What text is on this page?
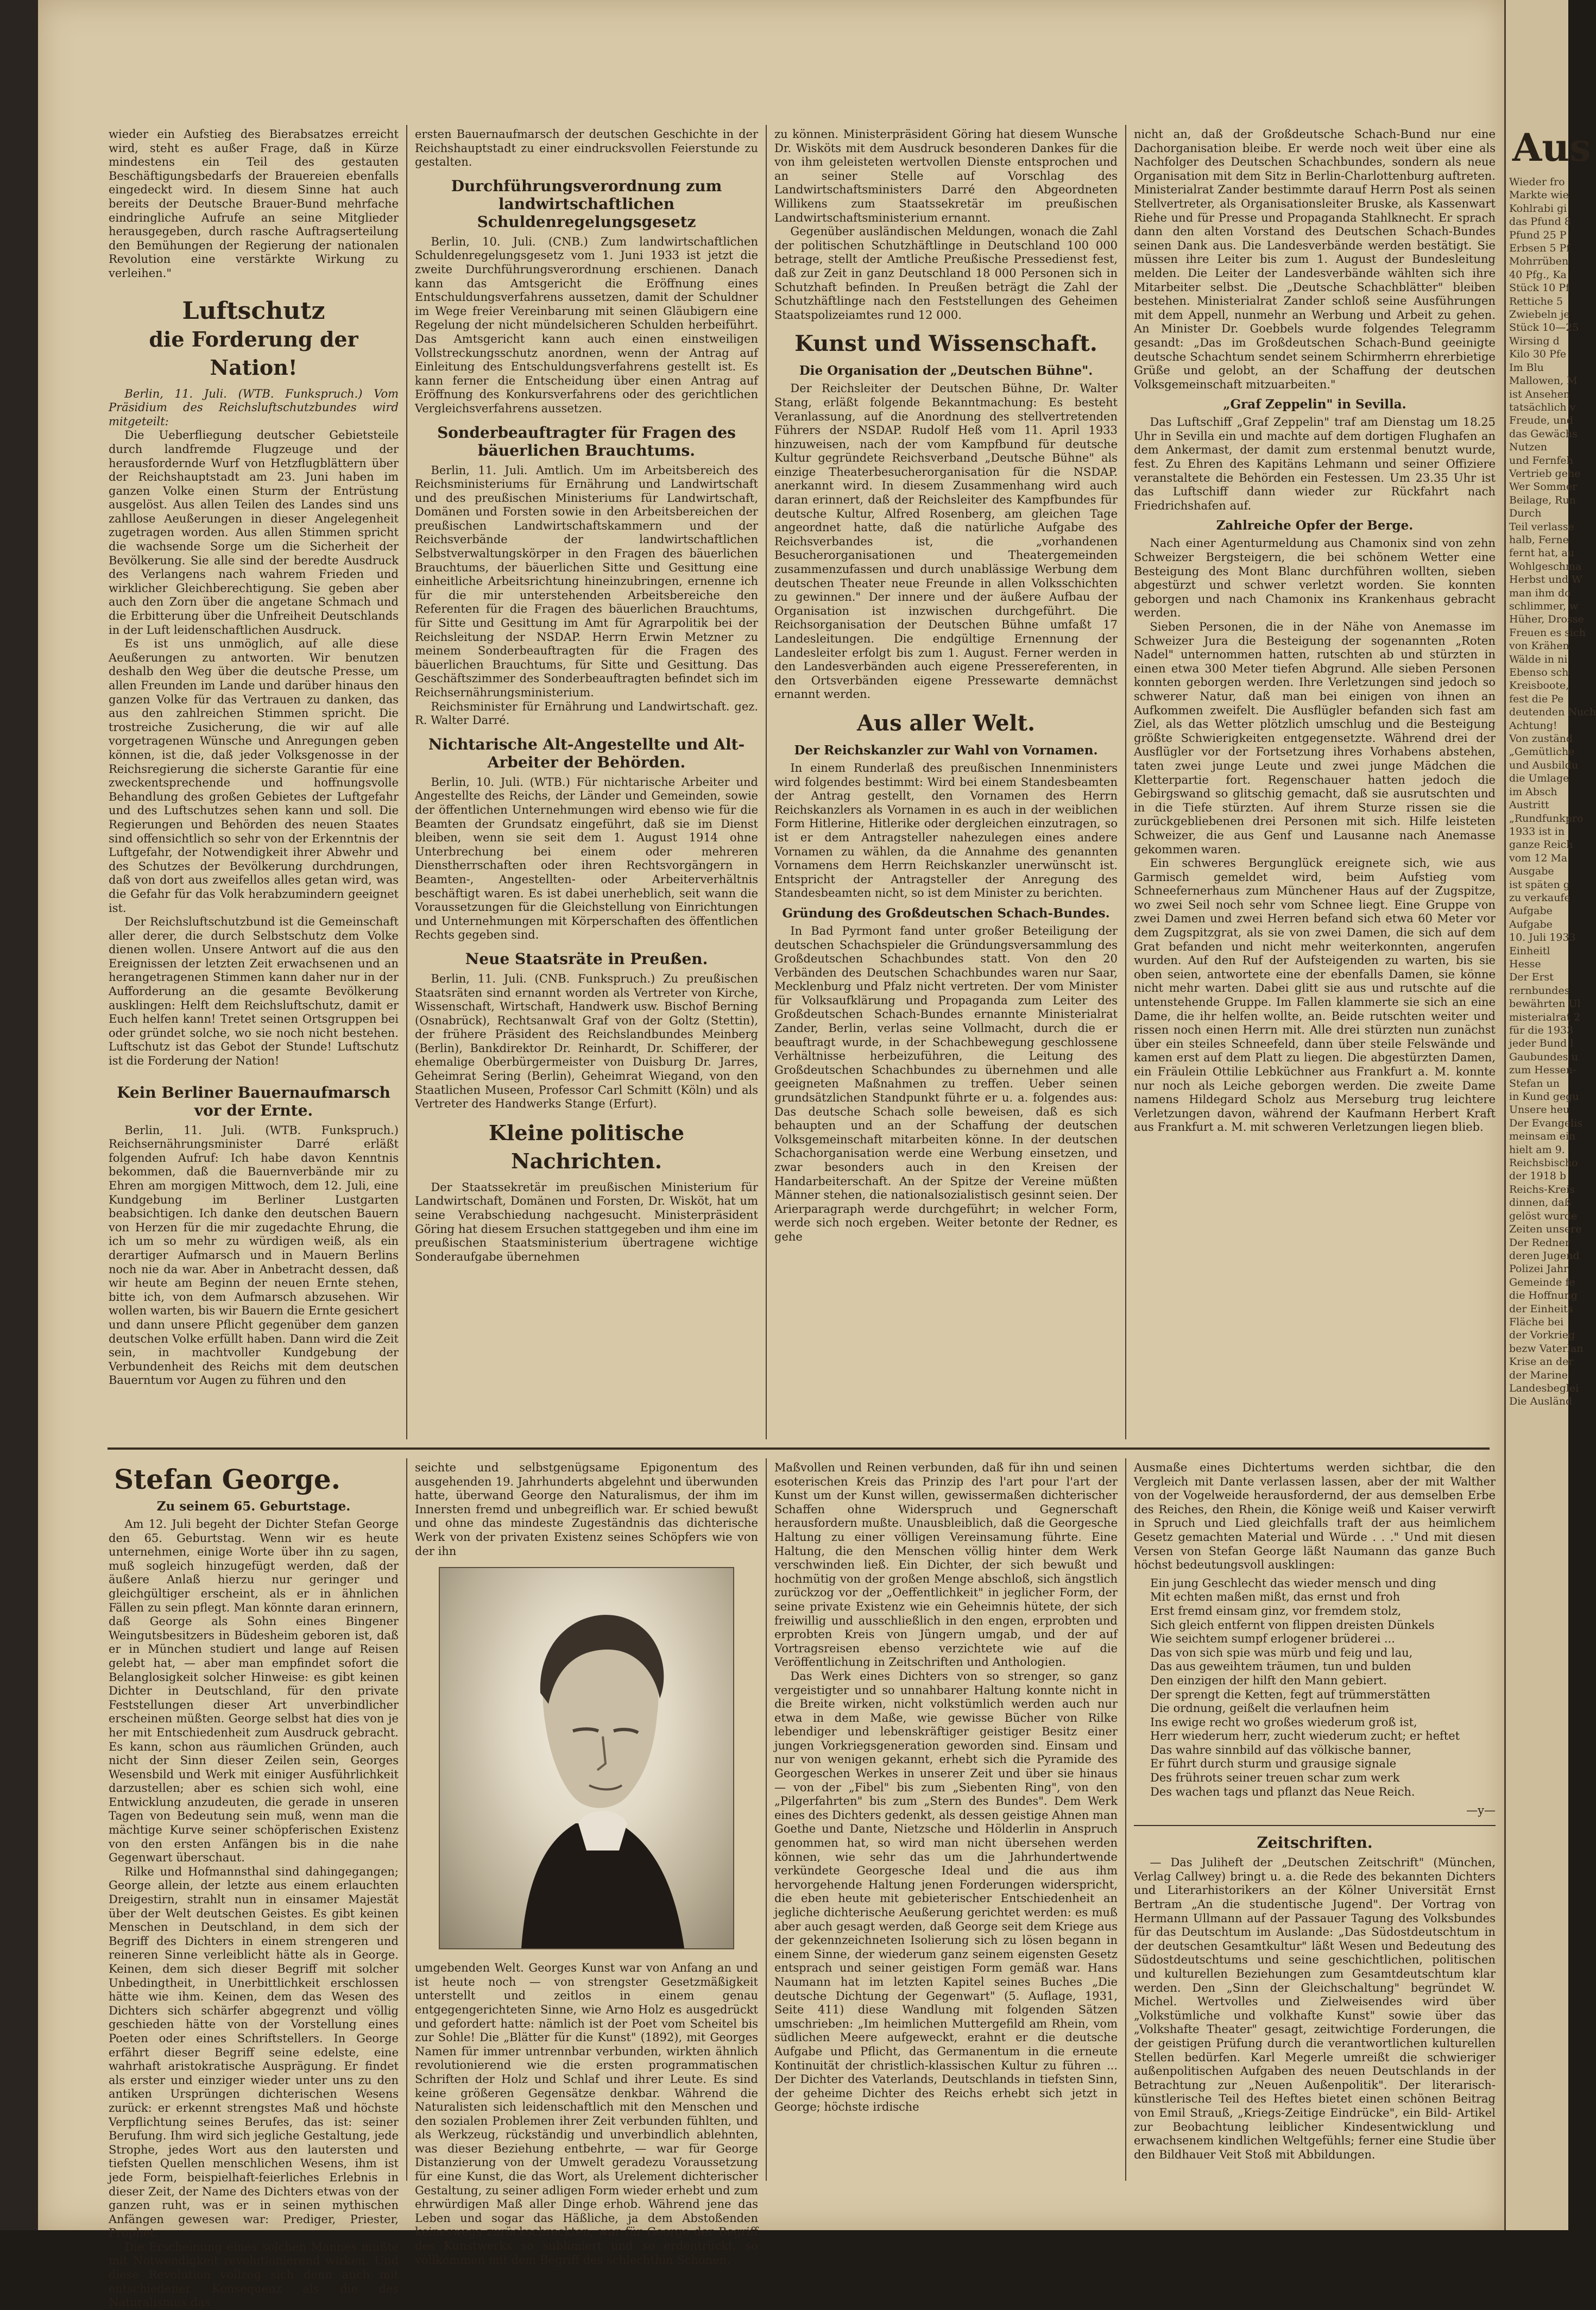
wieder ein Aufstieg des Bierabsatzes erreicht wird, steht es außer Frage, daß in Kürze mindestens ein Teil des gestauten Beschäftigungsbedarfs der Brauereien ebenfalls eingedeckt wird. In diesem Sinne hat auch bereits der Deutsche Brauer-Bund mehrfache eindringliche Aufrufe an seine Mitglieder herausgegeben, durch rasche Auftragserteilung den Bemühungen der Regierung der nationalen Revolution eine verstärkte Wirkung zu verleihen."

Luftschutz
die Forderung der Nation!

Berlin, 11. Juli. (WTB. Funkspruch.) Vom Präsidium des Reichsluftschutzbundes wird mitgeteilt:

Die Ueberfliegung deutscher Gebietsteile durch landfremde Flugzeuge und der herausfordernde Wurf von Hetzflugblättern über der Reichshauptstadt am 23. Juni haben im ganzen Volke einen Sturm der Entrüstung ausgelöst. Aus allen Teilen des Landes sind uns zahllose Aeußerungen in dieser Angelegenheit zugetragen worden. Aus allen Stimmen spricht die wachsende Sorge um die Sicherheit der Bevölkerung. Sie alle sind der beredte Ausdruck des Verlangens nach wahrem Frieden und wirklicher Gleichberechtigung. Sie geben aber auch den Zorn über die angetane Schmach und die Erbitterung über die Unfreiheit Deutschlands in der Luft leidenschaftlichen Ausdruck.

Es ist uns unmöglich, auf alle diese Aeußerungen zu antworten. Wir benutzen deshalb den Weg über die deutsche Presse, um allen Freunden im Lande und darüber hinaus den ganzen Volke für das Vertrauen zu danken, das aus den zahlreichen Stimmen spricht. Die trostreiche Zusicherung, die wir auf alle vorgetragenen Wünsche und Anregungen geben können, ist die, daß jeder Volksgenosse in der Reichsregierung die sicherste Garantie für eine zweckentsprechende und hoffnungsvolle Behandlung des großen Gebietes der Luftgefahr und des Luftschutzes sehen kann und soll. Die Regierungen und Behörden des neuen Staates sind offensichtlich so sehr von der Erkenntnis der Luftgefahr, der Notwendigkeit ihrer Abwehr und des Schutzes der Bevölkerung durchdrungen, daß von dort aus zweifellos alles getan wird, was die Gefahr für das Volk herabzumindern geeignet ist.

Der Reichsluftschutzbund ist die Gemeinschaft aller derer, die durch Selbstschutz dem Volke dienen wollen. Unsere Antwort auf die aus den Ereignissen der letzten Zeit erwachsenen und an herangetragenen Stimmen kann daher nur in der Aufforderung an die gesamte Bevölkerung ausklingen: Helft dem Reichsluftschutz, damit er Euch helfen kann! Tretet seinen Ortsgruppen bei oder gründet solche, wo sie noch nicht bestehen. Luftschutz ist das Gebot der Stunde! Luftschutz ist die Forderung der Nation!

Kein Berliner Bauernaufmarsch vor der Ernte.

Berlin, 11. Juli. (WTB. Funkspruch.) Reichsernährungsminister Darré erläßt folgenden Aufruf: Ich habe davon Kenntnis bekommen, daß die Bauernverbände mir zu Ehren am morgigen Mittwoch, dem 12. Juli, eine Kundgebung im Berliner Lustgarten beabsichtigen. Ich danke den deutschen Bauern von Herzen für die mir zugedachte Ehrung, die ich um so mehr zu würdigen weiß, als ein derartiger Aufmarsch und in Mauern Berlins noch nie da war. Aber in Anbetracht dessen, daß wir heute am Beginn der neuen Ernte stehen, bitte ich, von dem Aufmarsch abzusehen. Wir wollen warten, bis wir Bauern die Ernte gesichert und dann unsere Pflicht gegenüber dem ganzen deutschen Volke erfüllt haben. Dann wird die Zeit sein, in machtvoller Kundgebung der Verbundenheit des Reichs mit dem deutschen Bauerntum vor Augen zu führen und den

ersten Bauernaufmarsch der deutschen Geschichte in der Reichshauptstadt zu einer eindrucksvollen Feierstunde zu gestalten.

Durchführungsverordnung zum landwirtschaftlichen Schuldenregelungsgesetz

Berlin, 10. Juli. (CNB.) Zum landwirtschaftlichen Schuldenregelungsgesetz vom 1. Juni 1933 ist jetzt die zweite Durchführungsverordnung erschienen. Danach kann das Amtsgericht die Eröffnung eines Entschuldungsverfahrens aussetzen, damit der Schuldner im Wege freier Vereinbarung mit seinen Gläubigern eine Regelung der nicht mündelsicheren Schulden herbeiführt. Das Amtsgericht kann auch einen einstweiligen Vollstreckungsschutz anordnen, wenn der Antrag auf Einleitung des Entschuldungsverfahrens gestellt ist. Es kann ferner die Entscheidung über einen Antrag auf Eröffnung des Konkursverfahrens oder des gerichtlichen Vergleichsverfahrens aussetzen.

Sonderbeauftragter für Fragen des bäuerlichen Brauchtums.

Berlin, 11. Juli. Amtlich. Um im Arbeitsbereich des Reichsministeriums für Ernährung und Landwirtschaft und des preußischen Ministeriums für Landwirtschaft, Domänen und Forsten sowie in den Arbeitsbereichen der preußischen Landwirtschaftskammern und der Reichsverbände der landwirtschaftlichen Selbstverwaltungskörper in den Fragen des bäuerlichen Brauchtums, der bäuerlichen Sitte und Gesittung eine einheitliche Arbeitsrichtung hineinzubringen, ernenne ich für die mir unterstehenden Arbeitsbereiche den Referenten für die Fragen des bäuerlichen Brauchtums, für Sitte und Gesittung im Amt für Agrarpolitik bei der Reichsleitung der NSDAP. Herrn Erwin Metzner zu meinem Sonderbeauftragten für die Fragen des bäuerlichen Brauchtums, für Sitte und Gesittung. Das Geschäftszimmer des Sonderbeauftragten befindet sich im Reichsernährungsministerium.

Reichsminister für Ernährung und Landwirtschaft. gez. R. Walter Darré.

Nichtarische Alt-Angestellte und Alt-Arbeiter der Behörden.

Berlin, 10. Juli. (WTB.) Für nichtarische Arbeiter und Angestellte des Reichs, der Länder und Gemeinden, sowie der öffentlichen Unternehmungen wird ebenso wie für die Beamten der Grundsatz eingeführt, daß sie im Dienst bleiben, wenn sie seit dem 1. August 1914 ohne Unterbrechung bei einem oder mehreren Dienstherrschaften oder ihren Rechtsvorgängern in Beamten-, Angestellten- oder Arbeiterverhältnis beschäftigt waren. Es ist dabei unerheblich, seit wann die Voraussetzungen für die Gleichstellung von Einrichtungen und Unternehmungen mit Körperschaften des öffentlichen Rechts gegeben sind.

Neue Staatsräte in Preußen.

Berlin, 11. Juli. (CNB. Funkspruch.) Zu preußischen Staatsräten sind ernannt worden als Vertreter von Kirche, Wissenschaft, Wirtschaft, Handwerk usw. Bischof Berning (Osnabrück), Rechtsanwalt Graf von der Goltz (Stettin), der frühere Präsident des Reichslandbundes Meinberg (Berlin), Bankdirektor Dr. Reinhardt, Dr. Schifferer, der ehemalige Oberbürgermeister von Duisburg Dr. Jarres, Geheimrat Sering (Berlin), Geheimrat Wiegand, von den Staatlichen Museen, Professor Carl Schmitt (Köln) und als Vertreter des Handwerks Stange (Erfurt).

Kleine politische Nachrichten.

Der Staatssekretär im preußischen Ministerium für Landwirtschaft, Domänen und Forsten, Dr. Wisköt, hat um seine Verabschiedung nachgesucht. Ministerpräsident Göring hat diesem Ersuchen stattgegeben und ihm eine im preußischen Staatsministerium übertragene wichtige Sonderaufgabe übernehmen

zu können. Ministerpräsident Göring hat diesem Wunsche Dr. Wisköts mit dem Ausdruck besonderen Dankes für die von ihm geleisteten wertvollen Dienste entsprochen und an seiner Stelle auf Vorschlag des Landwirtschaftsministers Darré den Abgeordneten Willikens zum Staatssekretär im preußischen Landwirtschaftsministerium ernannt.

Gegenüber ausländischen Meldungen, wonach die Zahl der politischen Schutzhäftlinge in Deutschland 100 000 betrage, stellt der Amtliche Preußische Pressedienst fest, daß zur Zeit in ganz Deutschland 18 000 Personen sich in Schutzhaft befinden. In Preußen beträgt die Zahl der Schutzhäftlinge nach den Feststellungen des Geheimen Staatspolizeiamtes rund 12 000.

Kunst und Wissenschaft.
Die Organisation der „Deutschen Bühne".

Der Reichsleiter der Deutschen Bühne, Dr. Walter Stang, erläßt folgende Bekanntmachung: Es besteht Veranlassung, auf die Anordnung des stellvertretenden Führers der NSDAP. Rudolf Heß vom 11. April 1933 hinzuweisen, nach der vom Kampfbund für deutsche Kultur gegründete Reichsverband „Deutsche Bühne" als einzige Theaterbesucherorganisation für die NSDAP. anerkannt wird. In diesem Zusammenhang wird auch daran erinnert, daß der Reichsleiter des Kampfbundes für deutsche Kultur, Alfred Rosenberg, am gleichen Tage angeordnet hatte, daß die natürliche Aufgabe des Reichsverbandes ist, die „vorhandenen Besucherorganisationen und Theatergemeinden zusammenzufassen und durch unablässige Werbung dem deutschen Theater neue Freunde in allen Volksschichten zu gewinnen." Der innere und der äußere Aufbau der Organisation ist inzwischen durchgeführt. Die Reichsorganisation der Deutschen Bühne umfaßt 17 Landesleitungen. Die endgültige Ernennung der Landesleiter erfolgt bis zum 1. August. Ferner werden in den Landesverbänden auch eigene Pressereferenten, in den Ortsverbänden eigene Pressewarte demnächst ernannt werden.

Aus aller Welt.
Der Reichskanzler zur Wahl von Vornamen.

In einem Runderlaß des preußischen Innenministers wird folgendes bestimmt: Wird bei einem Standesbeamten der Antrag gestellt, den Vornamen des Herrn Reichskanzlers als Vornamen in es auch in der weiblichen Form Hitlerine, Hitlerike oder dergleichen einzutragen, so ist er dem Antragsteller nahezulegen eines andere Vornamen zu wählen, da die Annahme des genannten Vornamens dem Herrn Reichskanzler unerwünscht ist. Entspricht der Antragsteller der Anregung des Standesbeamten nicht, so ist dem Minister zu berichten.

Gründung des Großdeutschen Schach-Bundes.

In Bad Pyrmont fand unter großer Beteiligung der deutschen Schachspieler die Gründungsversammlung des Großdeutschen Schachbundes statt. Von den 20 Verbänden des Deutschen Schachbundes waren nur Saar, Mecklenburg und Pfalz nicht vertreten. Der vom Minister für Volksaufklärung und Propaganda zum Leiter des Großdeutschen Schach-Bundes ernannte Ministerialrat Zander, Berlin, verlas seine Vollmacht, durch die er beauftragt wurde, in der Schachbewegung geschlossene Verhältnisse herbeizuführen, die Leitung des Großdeutschen Schachbundes zu übernehmen und alle geeigneten Maßnahmen zu treffen. Ueber seinen grundsätzlichen Standpunkt führte er u. a. folgendes aus: Das deutsche Schach solle beweisen, daß es sich behaupten und an der Schaffung der deutschen Volksgemeinschaft mitarbeiten könne. In der deutschen Schachorganisation werde eine Werbung einsetzen, und zwar besonders auch in den Kreisen der Handarbeiterschaft. An der Spitze der Vereine müßten Männer stehen, die nationalsozialistisch gesinnt seien. Der Arierparagraph werde durchgeführt; in welcher Form, werde sich noch ergeben. Weiter betonte der Redner, es gehe

nicht an, daß der Großdeutsche Schach-Bund nur eine Dachorganisation bleibe. Er werde noch weit über eine als Nachfolger des Deutschen Schachbundes, sondern als neue Organisation mit dem Sitz in Berlin-Charlottenburg auftreten. Ministerialrat Zander bestimmte darauf Herrn Post als seinen Stellvertreter, als Organisationsleiter Bruske, als Kassenwart Riehe und für Presse und Propaganda Stahlknecht. Er sprach dann den alten Vorstand des Deutschen Schach-Bundes seinen Dank aus. Die Landesverbände werden bestätigt. Sie müssen ihre Leiter bis zum 1. August der Bundesleitung melden. Die Leiter der Landesverbände wählten sich ihre Mitarbeiter selbst. Die „Deutsche Schachblätter" bleiben bestehen. Ministerialrat Zander schloß seine Ausführungen mit dem Appell, nunmehr an Werbung und Arbeit zu gehen. An Minister Dr. Goebbels wurde folgendes Telegramm gesandt: „Das im Großdeutschen Schach-Bund geeinigte deutsche Schachtum sendet seinem Schirmherrn ehrerbietige Grüße und gelobt, an der Schaffung der deutschen Volksgemeinschaft mitzuarbeiten."

„Graf Zeppelin" in Sevilla.

Das Luftschiff „Graf Zeppelin" traf am Dienstag um 18.25 Uhr in Sevilla ein und machte auf dem dortigen Flughafen an dem Ankermast, der damit zum erstenmal benutzt wurde, fest. Zu Ehren des Kapitäns Lehmann und seiner Offiziere veranstaltete die Behörden ein Festessen. Um 23.35 Uhr ist das Luftschiff dann wieder zur Rückfahrt nach Friedrichshafen auf.

Zahlreiche Opfer der Berge.

Nach einer Agenturmeldung aus Chamonix sind von zehn Schweizer Bergsteigern, die bei schönem Wetter eine Besteigung des Mont Blanc durchführen wollten, sieben abgestürzt und schwer verletzt worden. Sie konnten geborgen und nach Chamonix ins Krankenhaus gebracht werden.

Sieben Personen, die in der Nähe von Anemasse im Schweizer Jura die Besteigung der sogenannten „Roten Nadel" unternommen hatten, rutschten ab und stürzten in einen etwa 300 Meter tiefen Abgrund. Alle sieben Personen konnten geborgen werden. Ihre Verletzungen sind jedoch so schwerer Natur, daß man bei einigen von ihnen an Aufkommen zweifelt. Die Ausflügler befanden sich fast am Ziel, als das Wetter plötzlich umschlug und die Besteigung größte Schwierigkeiten entgegensetzte. Während drei der Ausflügler vor der Fortsetzung ihres Vorhabens abstehen, taten zwei junge Leute und zwei junge Mädchen die Kletterpartie fort. Regenschauer hatten jedoch die Gebirgswand so glitschig gemacht, daß sie ausrutschten und in die Tiefe stürzten. Auf ihrem Sturze rissen sie die zurückgebliebenen drei Personen mit sich. Hilfe leisteten Schweizer, die aus Genf und Lausanne nach Anemasse gekommen waren.

Ein schweres Bergunglück ereignete sich, wie aus Garmisch gemeldet wird, beim Aufstieg vom Schneefernerhaus zum Münchener Haus auf der Zugspitze, wo zwei Seil noch sehr vom Schnee liegt. Eine Gruppe von zwei Damen und zwei Herren befand sich etwa 60 Meter vor dem Zugspitzgrat, als sie von zwei Damen, die sich auf dem Grat befanden und nicht mehr weiterkonnten, angerufen wurden. Auf den Ruf der Aufsteigenden zu warten, bis sie oben seien, antwortete eine der ebenfalls Damen, sie könne nicht mehr warten. Dabei glitt sie aus und rutschte auf die untenstehende Gruppe. Im Fallen klammerte sie sich an eine Dame, die ihr helfen wollte, an. Beide rutschten weiter und rissen noch einen Herrn mit. Alle drei stürzten nun zunächst über ein steiles Schneefeld, dann über steile Felswände und kamen erst auf dem Platt zu liegen. Die abgestürzten Damen, ein Fräulein Ottilie Lebküchner aus Frankfurt a. M. konnte nur noch als Leiche geborgen werden. Die zweite Dame namens Hildegard Scholz aus Merseburg trug leichtere Verletzungen davon, während der Kaufmann Herbert Kraft aus Frankfurt a. M. mit schweren Verletzungen liegen blieb.

Stefan George.
Zu seinem 65. Geburtstage.

Am 12. Juli begeht der Dichter Stefan George den 65. Geburtstag. Wenn wir es heute unternehmen, einige Worte über ihn zu sagen, muß sogleich hinzugefügt werden, daß der äußere Anlaß hierzu nur geringer und gleichgültiger erscheint, als er in ähnlichen Fällen zu sein pflegt. Man könnte daran erinnern, daß George als Sohn eines Bingener Weingutsbesitzers in Büdesheim geboren ist, daß er in München studiert und lange auf Reisen gelebt hat, — aber man empfindet sofort die Belanglosigkeit solcher Hinweise: es gibt keinen Dichter in Deutschland, für den private Feststellungen dieser Art unverbindlicher erscheinen müßten. George selbst hat dies von je her mit Entschiedenheit zum Ausdruck gebracht. Es kann, schon aus räumlichen Gründen, auch nicht der Sinn dieser Zeilen sein, Georges Wesensbild und Werk mit einiger Ausführlichkeit darzustellen; aber es schien sich wohl, eine Entwicklung anzudeuten, die gerade in unseren Tagen von Bedeutung sein muß, wenn man die mächtige Kurve seiner schöpferischen Existenz von den ersten Anfängen bis in die nahe Gegenwart überschaut.

Rilke und Hofmannsthal sind dahingegangen; George allein, der letzte aus einem erlauchten Dreigestirn, strahlt nun in einsamer Majestät über der Welt deutschen Geistes. Es gibt keinen Menschen in Deutschland, in dem sich der Begriff des Dichters in einem strengeren und reineren Sinne verleiblicht hätte als in George. Keinen, dem sich dieser Begriff mit solcher Unbedingtheit, in Unerbittlichkeit erschlossen hätte wie ihm. Keinen, dem das Wesen des Dichters sich schärfer abgegrenzt und völlig geschieden hätte von der Vorstellung eines Poeten oder eines Schriftstellers. In George erfährt dieser Begriff seine edelste, eine wahrhaft aristokratische Ausprägung. Er findet als erster und einziger wieder unter uns zu den antiken Ursprüngen dichterischen Wesens zurück: er erkennt strengstes Maß und höchste Verpflichtung seines Berufes, das ist: seiner Berufung. Ihm wird sich jegliche Gestaltung, jede Strophe, jedes Wort aus den lautersten und tiefsten Quellen menschlichen Wesens, ihm ist jede Form, beispielhaft-feierliches Erlebnis in dieser Zeit, der Name des Dichters etwas von der ganzen ruht, was er in seinen mythischen Anfängen gewesen war: Prediger, Priester, Prophet.

Die Erscheinung eines solchen Mannes mußte mit Notwendigkeit revolutionierend wirken. Und diese Revolution vollzog sich denn auch mit entschiedener Konsequenz als die des Naturalismus das

seichte und selbstgenügsame Epigonentum des ausgehenden 19. Jahrhunderts abgelehnt und überwunden hatte, überwand George den Naturalismus, der ihm im Innersten fremd und unbegreiflich war. Er schied bewußt und ohne das mindeste Zugeständnis das dichterische Werk von der privaten Existenz seines Schöpfers wie von der ihn

umgebenden Welt. Georges Kunst war von Anfang an und ist heute noch — von strengster Gesetzmäßigkeit unterstellt und zeitlos in einem genau entgegengerichteten Sinne, wie Arno Holz es ausgedrückt und gefordert hatte: nämlich ist der Poet vom Scheitel bis zur Sohle! Die „Blätter für die Kunst" (1892), mit Georges Namen für immer untrennbar verbunden, wirkten ähnlich revolutionierend wie die ersten programmatischen Schriften der Holz und Schlaf und ihrer Leute. Es sind keine größeren Gegensätze denkbar. Während die Naturalisten sich leidenschaftlich mit den Menschen und den sozialen Problemen ihrer Zeit verbunden fühlten, und als Werkzeug, rückständig und unverbindlich ablehnten, was dieser Beziehung entbehrte, — war für George Distanzierung von der Umwelt geradezu Voraussetzung für eine Kunst, die das Wort, als Urelement dichterischer Gestaltung, zu seiner adligen Form wieder erhebt und zum ehrwürdigen Maß aller Dinge erhob. Während jene das Leben und sogar das Häßliche, ja dem Abstoßenden keineswegs zurückschreckten, war für George der Begriff des Kunstwerks so sublimiert und so erdentrückt, so vollkommen mit dem Begriff des schlechthin Schönen,

Maßvollen und Reinen verbunden, daß für ihn und seinen esoterischen Kreis das Prinzip des l'art pour l'art der Kunst um der Kunst willen, gewissermaßen dichterischer Schaffen ohne Widerspruch und Gegnerschaft herausfordern mußte. Unausbleiblich, daß die Georgesche Haltung zu einer völligen Vereinsamung führte. Eine Haltung, die den Menschen völlig hinter dem Werk verschwinden ließ. Ein Dichter, der sich bewußt und hochmütig von der großen Menge abschloß, sich ängstlich zurückzog vor der „Oeffentlichkeit" in jeglicher Form, der seine private Existenz wie ein Geheimnis hütete, der sich freiwillig und ausschließlich in den engen, erprobten und erprobten Kreis von Jüngern umgab, und der auf Vortragsreisen ebenso verzichtete wie auf die Veröffentlichung in Zeitschriften und Anthologien.

Das Werk eines Dichters von so strenger, so ganz vergeistigter und so unnahbarer Haltung konnte nicht in die Breite wirken, nicht volkstümlich werden auch nur etwa in dem Maße, wie gewisse Bücher von Rilke lebendiger und lebenskräftiger geistiger Besitz einer jungen Vorkriegsgeneration geworden sind. Einsam und nur von wenigen gekannt, erhebt sich die Pyramide des Georgeschen Werkes in unserer Zeit und über sie hinaus — von der „Fibel" bis zum „Siebenten Ring", von den „Pilgerfahrten" bis zum „Stern des Bundes". Dem Werk eines des Dichters gedenkt, als dessen geistige Ahnen man Goethe und Dante, Nietzsche und Hölderlin in Anspruch genommen hat, so wird man nicht übersehen werden können, wie sehr das um die Jahrhundertwende verkündete Georgesche Ideal und die aus ihm hervorgehende Haltung jenen Forderungen widerspricht, die eben heute mit gebieterischer Entschiedenheit an jegliche dichterische Aeußerung gerichtet werden: es muß aber auch gesagt werden, daß George seit dem Kriege aus der gekennzeichneten Isolierung sich zu lösen begann in einem Sinne, der wiederum ganz seinem eigensten Gesetz entsprach und seiner geistigen Form gemäß war. Hans Naumann hat im letzten Kapitel seines Buches „Die deutsche Dichtung der Gegenwart" (5. Auflage, 1931, Seite 411) diese Wandlung mit folgenden Sätzen umschrieben: „Im heimlichen Muttergefild am Rhein, vom südlichen Meere aufgeweckt, erahnt er die deutsche Aufgabe und Pflicht, das Germanentum in die erneute Kontinuität der christlich-klassischen Kultur zu führen ... Der Dichter des Vaterlands, Deutschlands in tiefsten Sinn, der geheime Dichter des Reichs erhebt sich jetzt in George; höchste irdische

Ausmaße eines Dichtertums werden sichtbar, die den Vergleich mit Dante verlassen lassen, aber der mit Walther von der Vogelweide herausfordernd, der aus demselben Erbe des Reiches, den Rhein, die Könige weiß und Kaiser verwirft in Spruch und Lied gleichfalls traft der aus heimlichem Gesetz gemachten Material und Würde . . ." Und mit diesen Versen von Stefan George läßt Naumann das ganze Buch höchst bedeutungsvoll ausklingen:

Ein jung Geschlecht das wieder mensch und ding
Mit echten maßen mißt, das ernst und froh
Erst fremd einsam ginz, vor fremdem stolz,
Sich gleich entfernt von flippen dreisten Dünkels
Wie seichtem sumpf erlogener brüderei ...
Das von sich spie was mürb und feig und lau,
Das aus geweihtem träumen, tun und bulden
Den einzigen der hilft den Mann gebiert.
Der sprengt die Ketten, fegt auf trümmerstätten
Die ordnung, geißelt die verlaufnen heim
Ins ewige recht wo großes wiederum groß ist,
Herr wiederum herr, zucht wiederum zucht; er heftet
Das wahre sinnbild auf das völkische banner,
Er führt durch sturm und grausige signale
Des frührots seiner treuen schar zum werk
Des wachen tags und pflanzt das Neue Reich.
—y—
Zeitschriften.

— Das Juliheft der „Deutschen Zeitschrift" (München, Verlag Callwey) bringt u. a. die Rede des bekannten Dichters und Literarhistorikers an der Kölner Universität Ernst Bertram „An die studentische Jugend". Der Vortrag von Hermann Ullmann auf der Passauer Tagung des Volksbundes für das Deutschtum im Auslande: „Das Südostdeutschtum in der deutschen Gesamtkultur" läßt Wesen und Bedeutung des Südostdeutschtums und seine geschichtlichen, politischen und kulturellen Beziehungen zum Gesamtdeutschtum klar werden. Den „Sinn der Gleichschaltung" begründet W. Michel. Wertvolles und Zielweisendes wird über „Volkstümliche und volkhafte Kunst" sowie über das „Volkshafte Theater" gesagt, zeitwichtige Forderungen, die der geistigen Prüfung durch die verantwortlichen kulturellen Stellen bedürfen. Karl Megerle umreißt die schwieriger außenpolitischen Aufgaben des neuen Deutschlands in der Betrachtung zur „Neuen Außenpolitik". Der literarisch-künstlerische Teil des Heftes bietet einen schönen Beitrag von Emil Strauß, „Kriegs-Zeitige Eindrücke", ein Bild- Artikel zur Beobachtung leiblicher Kindesentwicklung und erwachsenem kindlichen Weltgefühls; ferner eine Studie über den Bildhauer Veit Stoß mit Abbildungen.

Aus
Wieder fro
Markte wie
Kohlrabi gi
das Pfund 8
Pfund 25 P
Erbsen 5 Pf
Mohrrüben
40 Pfg., Ka
Stück 10 Pf
Rettiche 5
Zwiebeln je
Stück 10—25
Wirsing d
Kilo 30 Pfe
Im Blu
Mallowen, M
ist Ansehen
tatsächlich v
Freude, und
das Gewächs
Nutzen
und Fernfeh
Vertrieb gehe
Wer Sommer
Beilage, Run
Durch
Teil verlasse
halb, Ferne
fernt hat, au
Wohlgeschma
Herbst und W
man ihm do
schlimmer, w
Hüher, Drosse
Freuen es sich
von Krähen
Wälde in ni
Ebenso sch
Kreisboote,
fest die Pe
deutenden Nuch
Achtung!
Von zuständ
„Gemütliche
und Ausbildu
die Umlage
im Absch
Austritt
„Rundfunkpro
1933 ist in
ganze Reich
vom 12 Ma
Ausgabe
ist späten g
zu verkaufe
Aufgabe
Aufgabe
10. Juli 1933
Einheitl
Hesse
Der Erst
rernbundes
bewährten Ul
misterialrat 2
für die 1933
jeder Bund l
Gaubundes u
zum Hessen-
Stefan un
in Kund gegu
Unsere heu
Der Evangelis
meinsam ein
hielt am 9.
Reichsbischo
der 1918 b
Reichs-Kreis
dinnen, daß
gelöst wurde
Zeiten unsere
Der Redner
deren Jugend
Polizei Jahr
Gemeinde fe
die Hoffnung
der Einheits
Fläche bei
der Vorkrieg
bezw Vaterlan
Krise an der
der Marine
Landesbeglei
Die Ausländ
